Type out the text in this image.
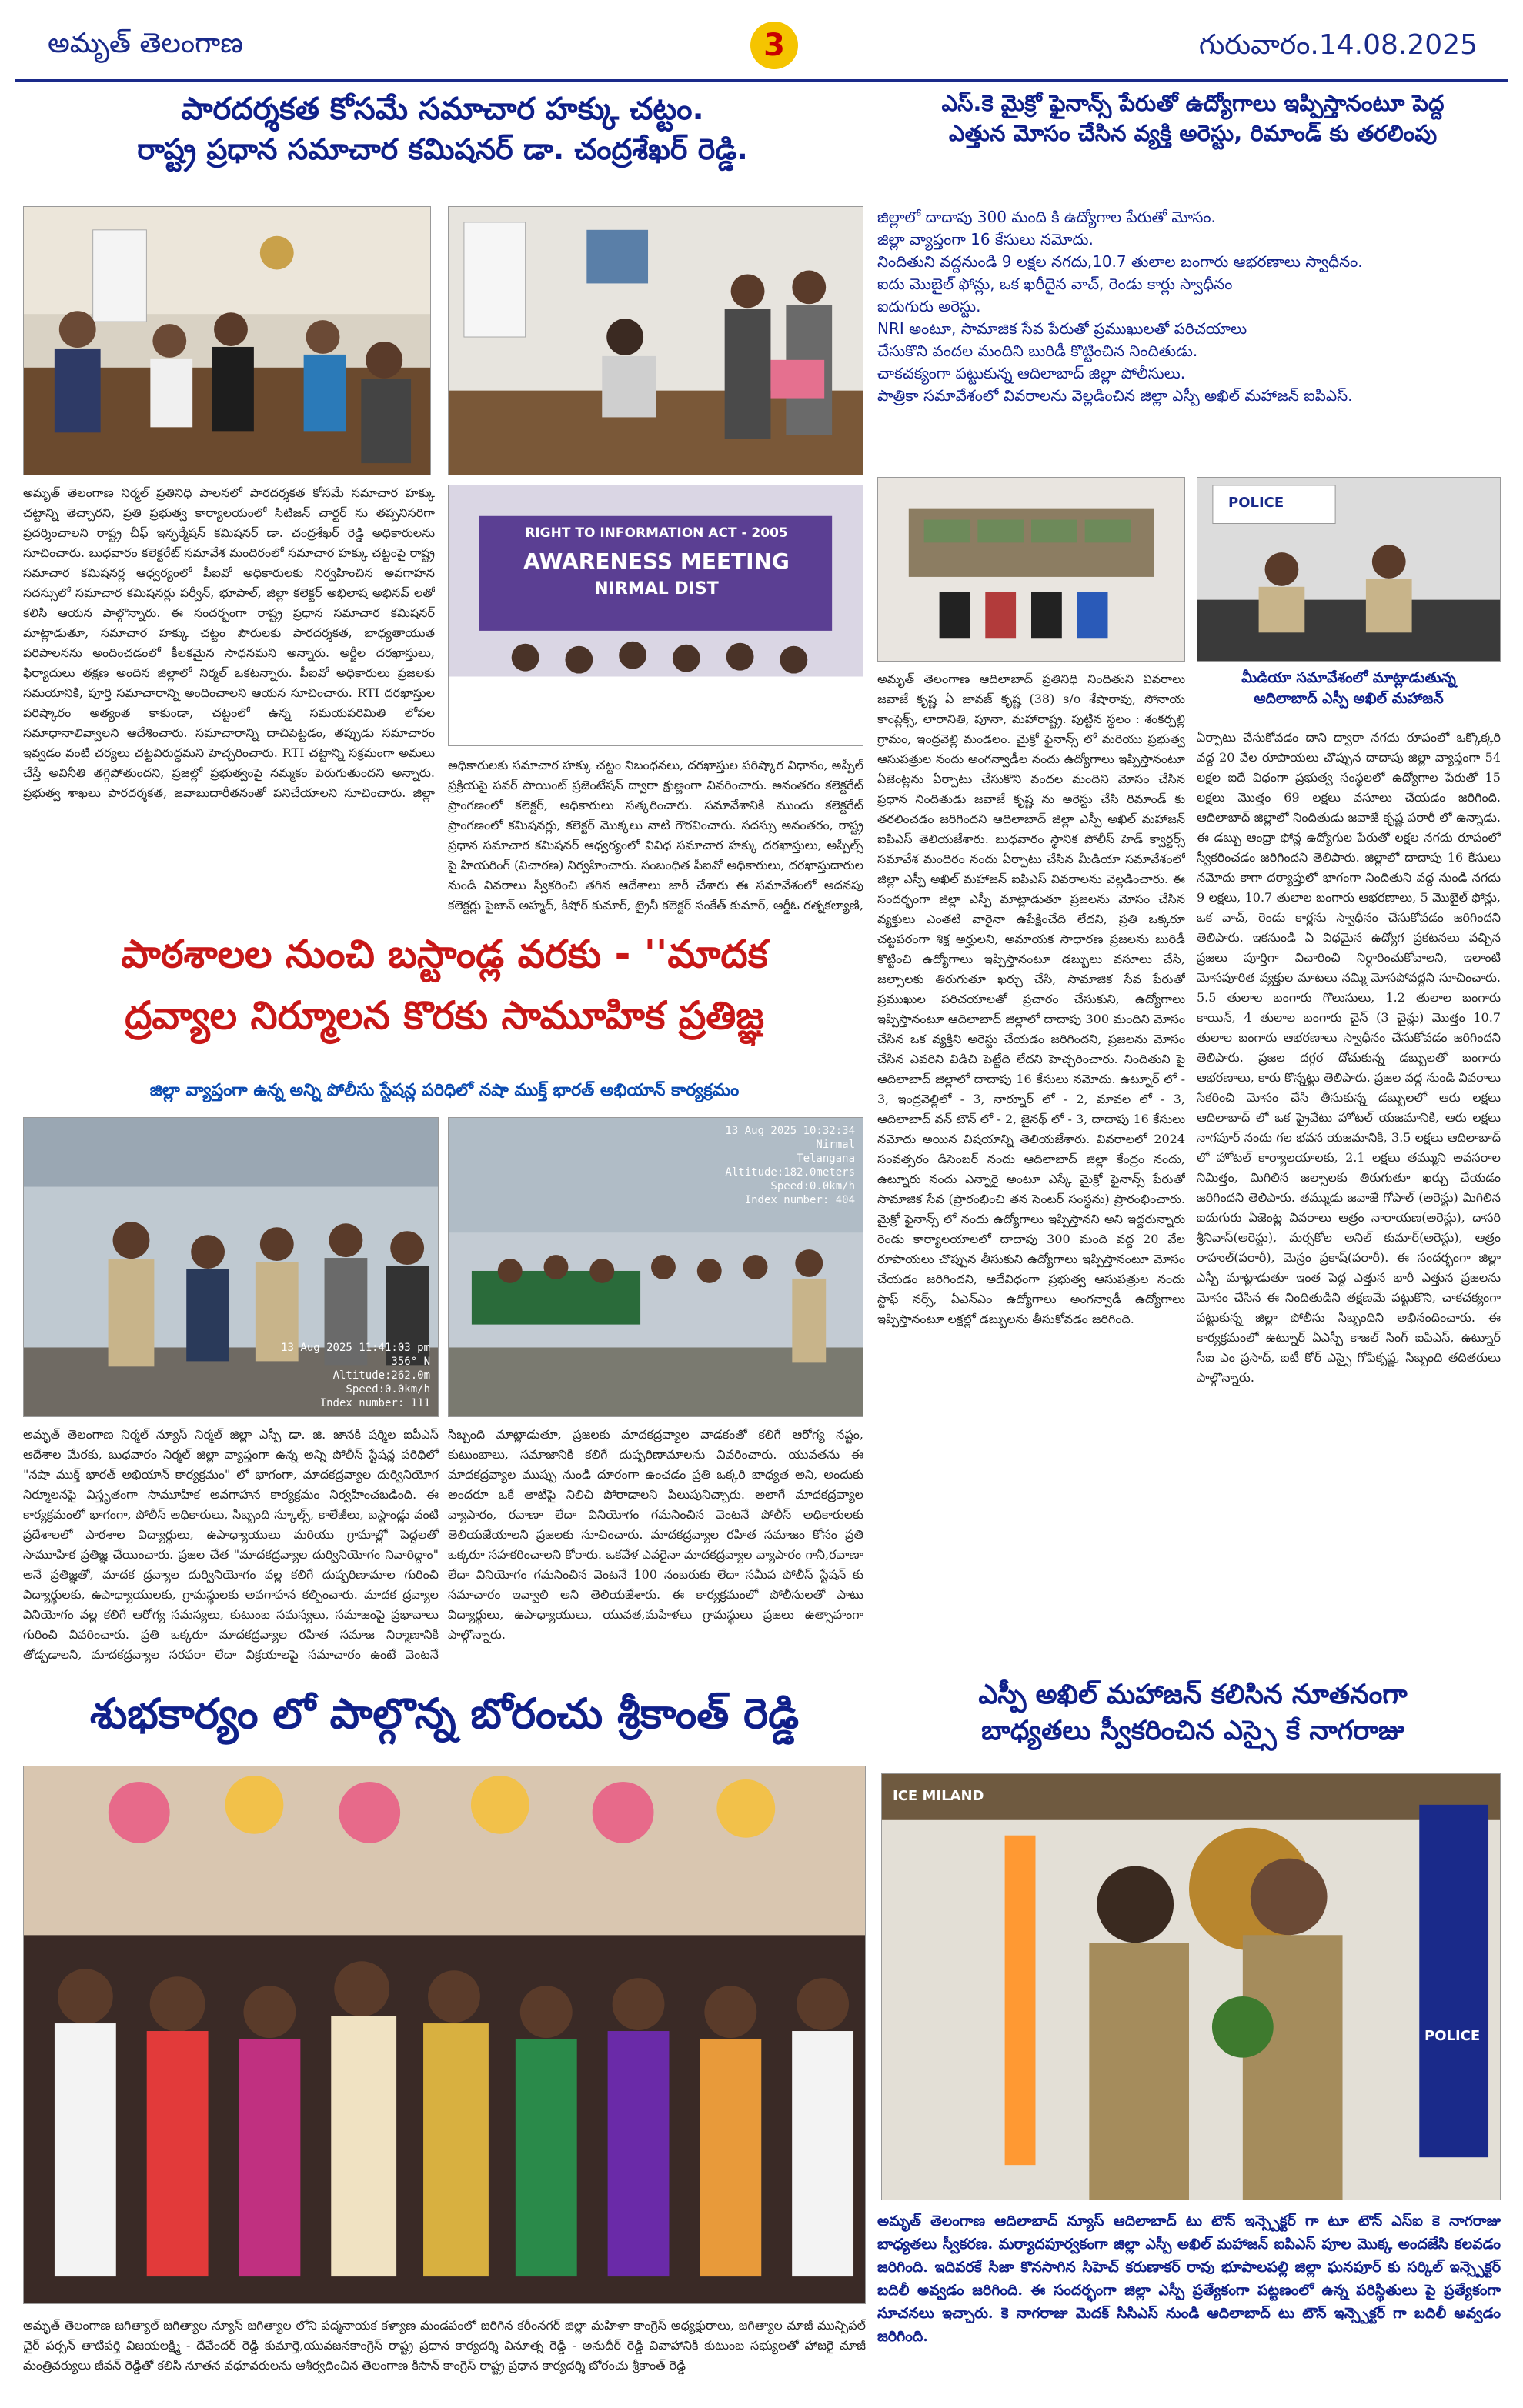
అమృత్ తెలంగాణ	3	గురువారం.14.08.2025
పారదర్శకత కోసమే సమాచార హక్కు చట్టం.
రాష్ట్ర ప్రధాన సమాచార కమిషనర్ డా. చంద్రశేఖర్ రెడ్డి.
ఎస్.కె మైక్రో ఫైనాన్స్ పేరుతో ఉద్యోగాలు ఇప్పిస్తానంటూ పెద్ద
ఎత్తున మోసం చేసిన వ్యక్తి అరెస్టు, రిమాండ్ కు తరలింపు
RIGHT TO INFORMATION ACT - 2005
AWARENESS MEETING
NIRMAL DIST
అమృత్ తెలంగాణ నిర్మల్ ప్రతినిధి పాలనలో పారదర్శకత కోసమే సమాచార హక్కు చట్టాన్ని తెచ్చారని, ప్రతి ప్రభుత్వ కార్యాలయంలో సిటిజన్ చార్టర్ ను తప్పనిసరిగా ప్రదర్శించాలని రాష్ట్ర చీఫ్ ఇన్ఫర్మేషన్ కమిషనర్ డా. చంద్రశేఖర్ రెడ్డి అధికారులను సూచించారు. బుధవారం కలెక్టరేట్ సమావేశ మందిరంలో సమాచార హక్కు చట్టంపై రాష్ట్ర సమాచార కమిషనర్ల ఆధ్వర్యంలో పీఐవో అధికారులకు నిర్వహించిన అవగాహన సదస్సులో సమాచార కమిషనర్లు పర్వీన్, భూపాల్, జిల్లా కలెక్టర్ అభిలాష అభినవ్ లతో కలిసి ఆయన పాల్గొన్నారు. ఈ సందర్భంగా రాష్ట్ర ప్రధాన సమాచార కమిషనర్ మాట్లాడుతూ, సమాచార హక్కు చట్టం పౌరులకు పారదర్శకత, బాధ్యతాయుత పరిపాలనను అందించడంలో కీలకమైన సాధనమని అన్నారు. అర్జీల దరఖాస్తులు, ఫిర్యాదులు తక్షణ అందిన జిల్లాలో నిర్మల్ ఒకటన్నారు. పీఐవో అధికారులు ప్రజలకు సమయానికి, పూర్తి సమాచారాన్ని అందించాలని ఆయన సూచించారు. RTI దరఖాస్తుల పరిష్కారం అత్యంత కాకుండా, చట్టంలో ఉన్న సమయపరిమితి లోపల సమాధానాలివ్వాలని ఆదేశించారు. సమాచారాన్ని దాచిపెట్టడం, తప్పుడు సమాచారం ఇవ్వడం వంటి చర్యలు చట్టవిరుద్ధమని హెచ్చరించారు. RTI చట్టాన్ని సక్రమంగా అమలు చేస్తే అవినీతి తగ్గిపోతుందని, ప్రజల్లో ప్రభుత్వంపై నమ్మకం పెరుగుతుందని అన్నారు. ప్రభుత్వ శాఖలు పారదర్శకత, జవాబుదారీతనంతో పనిచేయాలని సూచించారు. జిల్లా
అధికారులకు సమాచార హక్కు చట్టం నిబంధనలు, దరఖాస్తుల పరిష్కార విధానం, అప్పీల్ ప్రక్రియపై పవర్ పాయింట్ ప్రజెంటేషన్ ద్వారా క్షుణ్ణంగా వివరించారు. అనంతరం కలెక్టరేట్ ప్రాంగణంలో కలెక్టర్, అధికారులు సత్కరించారు. సమావేశానికి ముందు కలెక్టరేట్ ప్రాంగణంలో కమిషనర్లు, కలెక్టర్ మొక్కలు నాటి గౌరవించారు. సదస్సు అనంతరం, రాష్ట్ర ప్రధాన సమాచార కమిషనర్ ఆధ్వర్యంలో వివిధ సమాచార హక్కు దరఖాస్తులు, అప్పీల్స్ పై హియరింగ్ (విచారణ) నిర్వహించారు. సంబంధిత పీఐవో అధికారులు, దరఖాస్తుదారుల నుండి వివరాలు స్వీకరించి తగిన ఆదేశాలు జారీ చేశారు ఈ సమావేశంలో అదనపు కలెక్టర్లు ఫైజాన్ అహ్మద్, కిషోర్ కుమార్, ట్రైనీ కలెక్టర్ సంకేత్ కుమార్, ఆర్డీఓ రత్నకల్యాణి,
జిల్లాలో దాదాపు 300 మంది కి ఉద్యోగాల పేరుతో మోసం.
జిల్లా వ్యాప్తంగా 16 కేసులు నమోదు.
నిందితుని వద్దనుండి 9 లక్షల నగదు,10.7 తులాల బంగారు ఆభరణాలు స్వాధీనం.
ఐదు మొబైల్ ఫోన్లు, ఒక ఖరీదైన వాచ్, రెండు కార్లు స్వాధీనం
ఐదుగురు అరెస్టు.
NRI అంటూ, సామాజిక సేవ పేరుతో ప్రముఖులతో పరిచయాలు
చేసుకొని వందల మందిని బురిడీ కొట్టించిన నిందితుడు.
చాకచక్యంగా పట్టుకున్న ఆదిలాబాద్ జిల్లా పోలీసులు.
పాత్రికా సమావేశంలో వివరాలను వెల్లడించిన జిల్లా ఎస్పీ అఖిల్ మహాజన్ ఐపిఎస్.
POLICE
మీడియా సమావేశంలో మాట్లాడుతున్న
ఆదిలాబాద్ ఎస్పీ అఖిల్ మహాజన్
అమృత్ తెలంగాణ ఆదిలాబాద్ ప్రతినిధి నిందితుని వివరాలు జవాజే కృష్ణ ఏ జావజ్ కృష్ణ (38) s/o శేషారావు, సోనాయ కాంప్లెక్స్, లారానితి, పూనా, మహారాష్ట్ర. పుట్టిన స్థలం : శంకర్పల్లి గ్రామం, ఇంద్రవెల్లి మండలం. మైక్రో ఫైనాన్స్ లో మరియు ప్రభుత్వ ఆసుపత్రుల నందు అంగన్వాడీల నందు ఉద్యోగాలు ఇప్పిస్తానంటూ ఏజెంట్లను ఏర్పాటు చేసుకొని వందల మందిని మోసం చేసిన ప్రధాన నిందితుడు జవాజే కృష్ణ ను అరెస్టు చేసి రిమాండ్ కు తరలించడం జరిగిందని ఆదిలాబాద్ జిల్లా ఎస్పీ అఖిల్ మహాజన్ ఐపిఎస్ తెలియజేశారు. బుధవారం స్థానిక పోలీస్ హెడ్ క్వార్టర్స్ సమావేశ మందిరం నందు ఏర్పాటు చేసిన మీడియా సమావేశంలో జిల్లా ఎస్పీ అఖిల్ మహాజన్ ఐపిఎస్ వివరాలను వెల్లడించారు. ఈ సందర్భంగా జిల్లా ఎస్పీ మాట్లాడుతూ ప్రజలను మోసం చేసిన వ్యక్తులు ఎంతటి వారైనా ఉపేక్షించేది లేదని, ప్రతి ఒక్కరూ చట్టపరంగా శిక్ష అర్హులని, అమాయక సాధారణ ప్రజలను బురిడీ కొట్టించి ఉద్యోగాలు ఇప్పిస్తానంటూ డబ్బులు వసూలు చేసి, జల్సాలకు తిరుగుతూ ఖర్చు చేసి, సామాజిక సేవ పేరుతో ప్రముఖుల పరిచయాలతో ప్రచారం చేసుకుని, ఉద్యోగాలు ఇప్పిస్తానంటూ ఆదిలాబాద్ జిల్లాలో దాదాపు 300 మందిని మోసం చేసిన ఒక వ్యక్తిని అరెస్టు చేయడం జరిగిందని, ప్రజలను మోసం చేసిన ఎవరిని విడిచి పెట్టేది లేదని హెచ్చరించారు. నిందితుని పై ఆదిలాబాద్ జిల్లాలో దాదాపు 16 కేసులు నమోదు. ఉట్నూర్ లో - 3, ఇంద్రవెల్లిలో - 3, నార్నూర్ లో - 2, మావల లో - 3, ఆదిలాబాద్ వన్ టౌన్ లో - 2, జైనథ్ లో - 3, దాదాపు 16 కేసులు నమోదు అయిన విషయాన్ని తెలియజేశారు. వివరాలలో 2024 సంవత్సరం డిసెంబర్ నందు ఆదిలాబాద్ జిల్లా కేంద్రం నందు, ఉట్నూరు నందు ఎన్నారై అంటూ ఎస్కే మైక్రో ఫైనాన్స్ పేరుతో సామాజిక సేవ (ప్రారంభించి తన సెంటర్ సంస్థను) ప్రారంభించారు. మైక్రో ఫైనాన్స్ లో నందు ఉద్యోగాలు ఇప్పిస్తానని అని ఇద్దరున్నారు రెండు కార్యాలయాలలో దాదాపు 300 మంది వద్ద 20 వేల రూపాయలు చొప్పున తీసుకుని ఉద్యోగాలు ఇప్పిస్తానంటూ మోసం చేయడం జరిగిందని, అదేవిధంగా ప్రభుత్వ ఆసుపత్రుల నందు స్టాఫ్ నర్స్, ఏఎన్ఎం ఉద్యోగాలు అంగన్వాడీ ఉద్యోగాలు ఇప్పిస్తానంటూ లక్షల్లో డబ్బులను తీసుకోవడం జరిగింది.
ఏర్పాటు చేసుకోవడం దాని ద్వారా నగదు రూపంలో ఒక్కొక్కరి వద్ద 20 వేల రూపాయలు చొప్పున దాదాపు జిల్లా వ్యాప్తంగా 54 లక్షల ఐదే విధంగా ప్రభుత్వ సంస్థలలో ఉద్యోగాల పేరుతో 15 లక్షలు మొత్తం 69 లక్షలు వసూలు చేయడం జరిగింది. ఆదిలాబాద్ జిల్లాలో నిందితుడు జవాజే కృష్ణ పరారీ లో ఉన్నాడు. ఈ డబ్బు ఆంధ్రా ఫోన్ల ఉద్యోగుల పేరుతో లక్షల నగదు రూపంలో స్వీకరించడం జరిగిందని తెలిపారు. జిల్లాలో దాదాపు 16 కేసులు నమోదు కాగా దర్యాప్తులో భాగంగా నిందితుని వద్ద నుండి నగదు 9 లక్షలు, 10.7 తులాల బంగారు ఆభరణాలు, 5 మొబైల్ ఫోన్లు, ఒక వాచ్, రెండు కార్లను స్వాధీనం చేసుకోవడం జరిగిందని తెలిపారు. ఇకనుండి ఏ విధమైన ఉద్యోగ ప్రకటనలు వచ్చిన ప్రజలు పూర్తిగా విచారించి నిర్ధారించుకోవాలని, ఇలాంటి మోసపూరిత వ్యక్తుల మాటలు నమ్మి మోసపోవద్దని సూచించారు. 5.5 తులాల బంగారు గొలుసులు, 1.2 తులాల బంగారు కాయిన్, 4 తులాల బంగారు చైన్ (3 చైన్లు) మొత్తం 10.7 తులాల బంగారు ఆభరణాలు స్వాధీనం చేసుకోవడం జరిగిందని తెలిపారు. ప్రజల దగ్గర దోచుకున్న డబ్బులతో బంగారు ఆభరణాలు, కారు కొన్నట్టు తెలిపారు. ప్రజల వద్ద నుండి వివరాలు సేకరించి మోసం చేసి తీసుకున్న డబ్బులలో ఆరు లక్షలు ఆదిలాబాద్ లో ఒక ప్రైవేటు హోటల్ యజమానికి, ఆరు లక్షలు నాగపూర్ నందు గల భవన యజమానికి, 3.5 లక్షలు ఆదిలాబాద్ లో హోటల్ కార్యాలయాలకు, 2.1 లక్షలు తమ్ముని అవసరాల నిమిత్తం, మిగిలిన జల్సాలకు తిరుగుతూ ఖర్చు చేయడం జరిగిందని తెలిపారు. తమ్ముడు జవాజే గోపాల్ (అరెస్టు) మిగిలిన ఐదుగురు ఏజెంట్ల వివరాలు ఆత్రం నారాయణ(అరెస్టు), దాసరి శ్రీనివాస్(అరెస్టు), మర్సకోల అనిల్ కుమార్(అరెస్టు), ఆత్రం రాహుల్(పరారీ), మెస్రం ప్రకాష్(పరారీ). ఈ సందర్భంగా జిల్లా ఎస్పీ మాట్లాడుతూ ఇంత పెద్ద ఎత్తున భారీ ఎత్తున ప్రజలను మోసం చేసిన ఈ నిందితుడిని తక్షణమే పట్టుకొని, చాకచక్యంగా పట్టుకున్న జిల్లా పోలీసు సిబ్బందిని అభినందించారు. ఈ కార్యక్రమంలో ఉట్నూర్ ఏఎస్పీ కాజల్ సింగ్ ఐపిఎస్, ఉట్నూర్ సీఐ ఎం ప్రసాద్, ఐటీ కోర్ ఎస్సై గోపికృష్ణ, సిబ్బంది తదితరులు పాల్గొన్నారు.
పాఠశాలల నుంచి బస్టాండ్ల వరకు - ''మాదక
ద్రవ్యాల నిర్మూలన కొరకు సామూహిక ప్రతిజ్ఞ
జిల్లా వ్యాప్తంగా ఉన్న అన్ని పోలీసు స్టేషన్ల పరిధిలో నషా ముక్త్ భారత్ అభియాన్ కార్యక్రమం
13 Aug 2025 11:41:03 pm
356° N
Altitude:262.0m
Speed:0.0km/h
Index number: 111
13 Aug 2025 10:32:34
Nirmal
Telangana
Altitude:182.0meters
Speed:0.0km/h
Index number: 404
అమృత్ తెలంగాణ నిర్మల్ న్యూస్ నిర్మల్ జిల్లా ఎస్పీ డా. జి. జానకి షర్మిల ఐపీఎస్ ఆదేశాల మేరకు, బుధవారం నిర్మల్ జిల్లా వ్యాప్తంగా ఉన్న అన్ని పోలీస్ స్టేషన్ల పరిధిలో "నషా ముక్త్ భారత్ అభియాన్ కార్యక్రమం" లో భాగంగా, మాదకద్రవ్యాల దుర్వినియోగ నిర్మూలనపై విస్తృతంగా సామూహిక అవగాహన కార్యక్రమం నిర్వహించబడింది. ఈ కార్యక్రమంలో భాగంగా, పోలీస్ అధికారులు, సిబ్బంది స్కూల్స్, కాలేజీలు, బస్టాండ్లు వంటి ప్రదేశాలలో పాఠశాల విద్యార్థులు, ఉపాధ్యాయులు మరియు గ్రామాల్లో పెద్దలతో సామూహిక ప్రతిజ్ఞ చేయించారు. ప్రజల చేత "మాదకద్రవ్యాల దుర్వినియోగం నివారిద్దాం" అనే ప్రతిజ్ఞతో, మాదక ద్రవ్యాల దుర్వినియోగం వల్ల కలిగే దుష్పరిణామాల గురించి విద్యార్థులకు, ఉపాధ్యాయులకు, గ్రామస్థులకు అవగాహన కల్పించారు. మాదక ద్రవ్యాల వినియోగం వల్ల కలిగే ఆరోగ్య సమస్యలు, కుటుంబ సమస్యలు, సమాజంపై ప్రభావాలు గురించి వివరించారు. ప్రతి ఒక్కరూ మాదకద్రవ్యాల రహిత సమాజ నిర్మాణానికి తోడ్పడాలని, మాదకద్రవ్యాల సరఫరా లేదా విక్రయాలపై సమాచారం ఉంటే వెంటనే
సిబ్బంది మాట్లాడుతూ, ప్రజలకు మాదకద్రవ్యాల వాడకంతో కలిగే ఆరోగ్య నష్టం, కుటుంబాలు, సమాజానికి కలిగే దుష్పరిణామాలను వివరించారు. యువతను ఈ మాదకద్రవ్యాల ముప్పు నుండి దూరంగా ఉంచడం ప్రతి ఒక్కరి బాధ్యత అని, అందుకు అందరూ ఒకే తాటిపై నిలిచి పోరాడాలని పిలుపునిచ్చారు. అలాగే మాదకద్రవ్యాల వ్యాపారం, రవాణా లేదా వినియోగం గమనించిన వెంటనే పోలీస్ అధికారులకు తెలియజేయాలని ప్రజలకు సూచించారు. మాదకద్రవ్యాల రహిత సమాజం కోసం ప్రతి ఒక్కరూ సహకరించాలని కోరారు. ఒకవేళ ఎవరైనా మాదకద్రవ్యాల వ్యాపారం గానీ,రవాణా లేదా వినియోగం గమనించిన వెంటనే 100 నంబరుకు లేదా సమీప పోలీస్ స్టేషన్ కు సమాచారం ఇవ్వాలి అని తెలియజేశారు. ఈ కార్యక్రమంలో పోలీసులతో పాటు విద్యార్థులు, ఉపాధ్యాయులు, యువత,మహిళలు గ్రామస్థులు ప్రజలు ఉత్సాహంగా పాల్గొన్నారు.
ఎస్పీ అఖిల్ మహాజన్ కలిసిన నూతనంగా
బాధ్యతలు స్వీకరించిన ఎస్సై కే నాగరాజు
ICE MILAND
POLICE
అమృత్ తెలంగాణ ఆదిలాబాద్ న్యూస్ ఆదిలాబాద్ టు టౌన్ ఇన్స్పెక్టర్ గా టూ టౌన్ ఎస్ఐ కె నాగరాజు బాధ్యతలు స్వీకరణ. మర్యాదపూర్వకంగా జిల్లా ఎస్పీ అఖిల్ మహాజన్ ఐపిఎస్ పూల మొక్క అందజేసి కలవడం జరిగింది. ఇదివరకే సిజా కొనసాగిన సిహెచ్ కరుణాకర్ రావు భూపాలపల్లి జిల్లా ఘనపూర్ కు సర్కిల్ ఇన్స్పెక్టర్ బదిలీ అవ్వడం జరిగింది. ఈ సందర్భంగా జిల్లా ఎస్పీ ప్రత్యేకంగా పట్టణంలో ఉన్న పరిస్థితులు పై ప్రత్యేకంగా సూచనలు ఇచ్చారు. కె నాగరాజు మెదక్ సిసిఎస్ నుండి ఆదిలాబాద్ టు టౌన్ ఇన్స్పెక్టర్ గా బదిలీ అవ్వడం జరిగింది.
శుభకార్యం లో పాల్గొన్న బోరంచు శ్రీకాంత్ రెడ్డి
అమృత్ తెలంగాణ జగిత్యాల్ జగిత్యాల న్యూస్ జగిత్యాల లోని పద్మనాయక కళ్యాణ మండపంలో జరిగిన కరీంనగర్ జిల్లా మహిళా కాంగ్రెస్ అధ్యక్షురాలు, జగిత్యాల మాజీ మున్సిపల్ చైర్ పర్సన్ తాటిపర్తి విజయలక్ష్మి - దేవేందర్ రెడ్డి కుమార్తె,యువజనకాంగ్రెస్ రాష్ట్ర ప్రధాన కార్యదర్శి వినూత్న రెడ్డి - అనుదీర్ రెడ్డి వివాహానికి కుటుంబ సభ్యులతో హాజరై మాజీ మంత్రివర్యులు జీవన్ రెడ్డితో కలిసి నూతన వధూవరులను ఆశీర్వదించిన తెలంగాణ కిసాన్ కాంగ్రెస్ రాష్ట్ర ప్రధాన కార్యదర్శి బోరంచు శ్రీకాంత్ రెడ్డి
